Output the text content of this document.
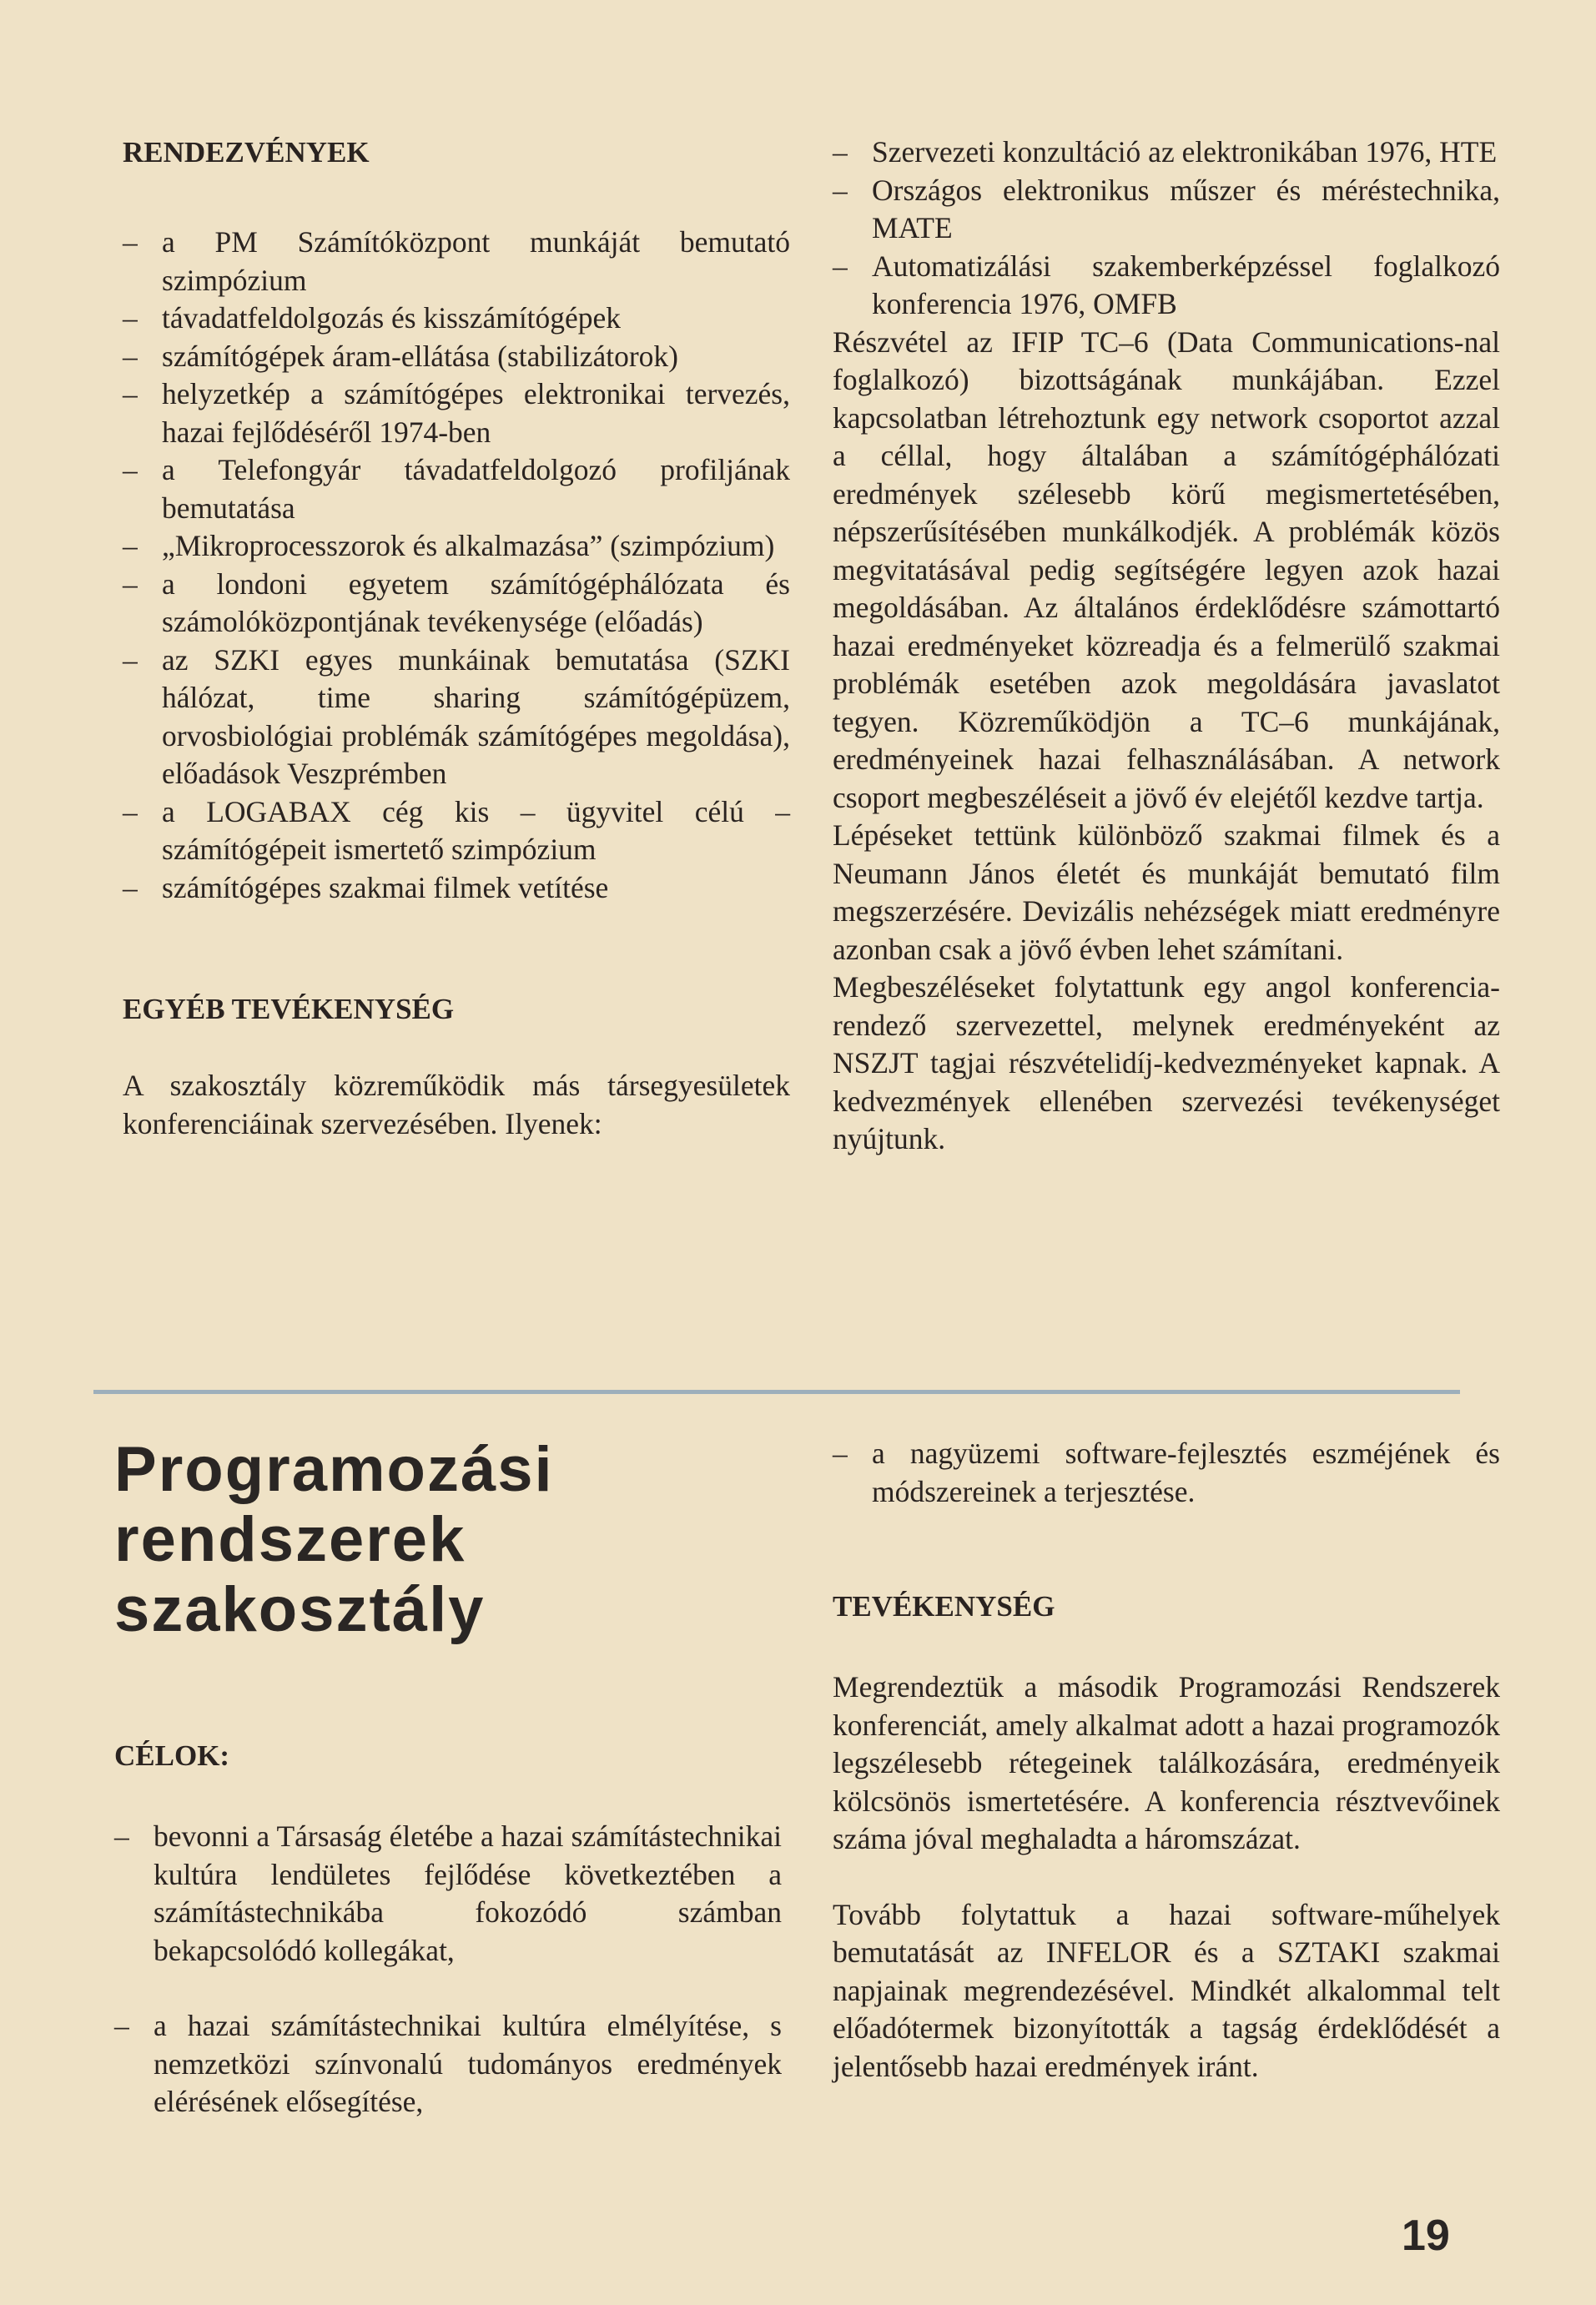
RENDEZVÉNYEK
– a PM Számítóközpont munkáját bemutató szimpózium
– távadatfeldolgozás és kisszámítógépek
– számítógépek áram-ellátása (stabilizátorok)
– helyzetkép a számítógépes elektronikai tervezés, hazai fejlődéséről 1974-ben
– a Telefongyár távadatfeldolgozó profiljának bemutatása
– „Mikroprocesszorok és alkalmazása” (szimpózium)
– a londoni egyetem számítógéphálózata és számolóközpontjának tevékenysége (előadás)
– az SZKI egyes munkáinak bemutatása (SZKI hálózat, time sharing számítógépüzem, orvosbiológiai problémák számítógépes megoldása), előadások Veszprémben
– a LOGABAX cég kis – ügyvitel célú – számítógépeit ismertető szimpózium
– számítógépes szakmai filmek vetítése
EGYÉB TEVÉKENYSÉG

A szakosztály közreműködik más társegyesületek konferenciáinak szervezésében. Ilyenek:

– Szervezeti konzultáció az elektronikában 1976, HTE
– Országos elektronikus műszer és méréstechnika, MATE
– Automatizálási szakemberképzéssel foglalkozó konferencia 1976, OMFB

Részvétel az IFIP TC–6 (Data Communications-nal foglalkozó) bizottságának munkájában. Ezzel kapcsolatban létrehoztunk egy network csoportot azzal a céllal, hogy általában a számítógéphálózati eredmények szélesebb körű megismertetésében, népszerűsítésében munkálkodjék. A problémák közös megvitatásával pedig segítségére legyen azok hazai megoldásában. Az általános érdeklődésre számottartó hazai eredményeket közreadja és a felmerülő szakmai problémák esetében azok megoldására javaslatot tegyen. Közreműködjön a TC–6 munkájának, eredményeinek hazai felhasználásában. A network csoport megbeszéléseit a jövő év elejétől kezdve tartja.

Lépéseket tettünk különböző szakmai filmek és a Neumann János életét és munkáját bemutató film megszerzésére. Devizális nehézségek miatt eredményre azonban csak a jövő évben lehet számítani.

Megbeszéléseket folytattunk egy angol konferencia-rendező szervezettel, melynek eredményeként az NSZJT tagjai részvételidíj-kedvezményeket kapnak. A kedvezmények ellenében szervezési tevékenységet nyújtunk.

Programozási
rendszerek
szakosztály
CÉLOK:
– bevonni a Társaság életébe a hazai számítástechnikai kultúra lendületes fejlődése következtében a számítástechnikába fokozódó számban bekapcsolódó kollegákat,
– a hazai számítástechnikai kultúra elmélyítése, s nemzetközi színvonalú tudományos eredmények elérésének elősegítése,
– a nagyüzemi software-fejlesztés eszméjének és módszereinek a terjesztése.
TEVÉKENYSÉG

Megrendeztük a második Programozási Rendszerek konferenciát, amely alkalmat adott a hazai programozók legszélesebb rétegeinek találkozására, eredményeik kölcsönös ismertetésére. A konferencia résztvevőinek száma jóval meghaladta a háromszázat.

Tovább folytattuk a hazai software-műhelyek bemutatását az INFELOR és a SZTAKI szakmai napjainak megrendezésével. Mindkét alkalommal telt előadótermek bizonyították a tagság érdeklődését a jelentősebb hazai eredmények iránt.

19
